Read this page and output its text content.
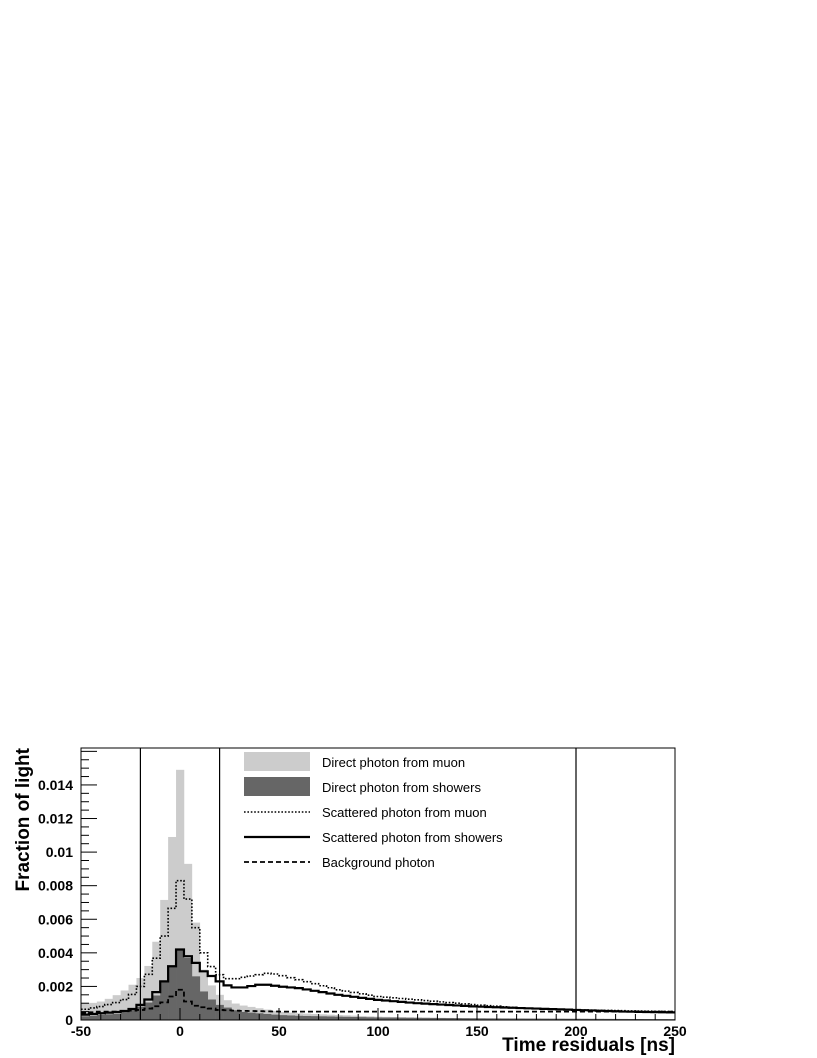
-50	0	50	100	150	200	250
0
0.002
0.004
0.006
0.008
0.01
0.012
0.014
Direct photon from muon
Direct photon from showers
Scattered photon from muon
Scattered photon from showers
Background photon
Fraction of light
Time residuals [ns]
